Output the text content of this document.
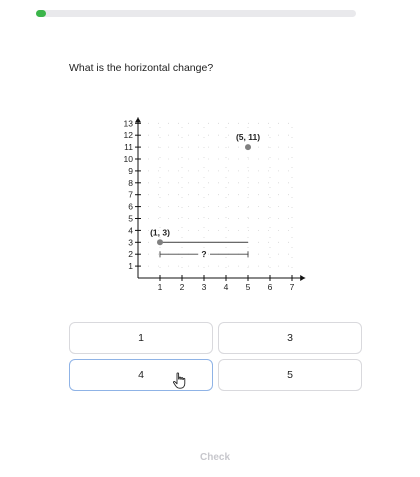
What is the horizontal change?
1 2 3 4 5 6 7
1
2
3
4
5
6
7
8
9
10
11
12
13
?
(1, 3)
(5, 11)
1	3
4	5
Check
